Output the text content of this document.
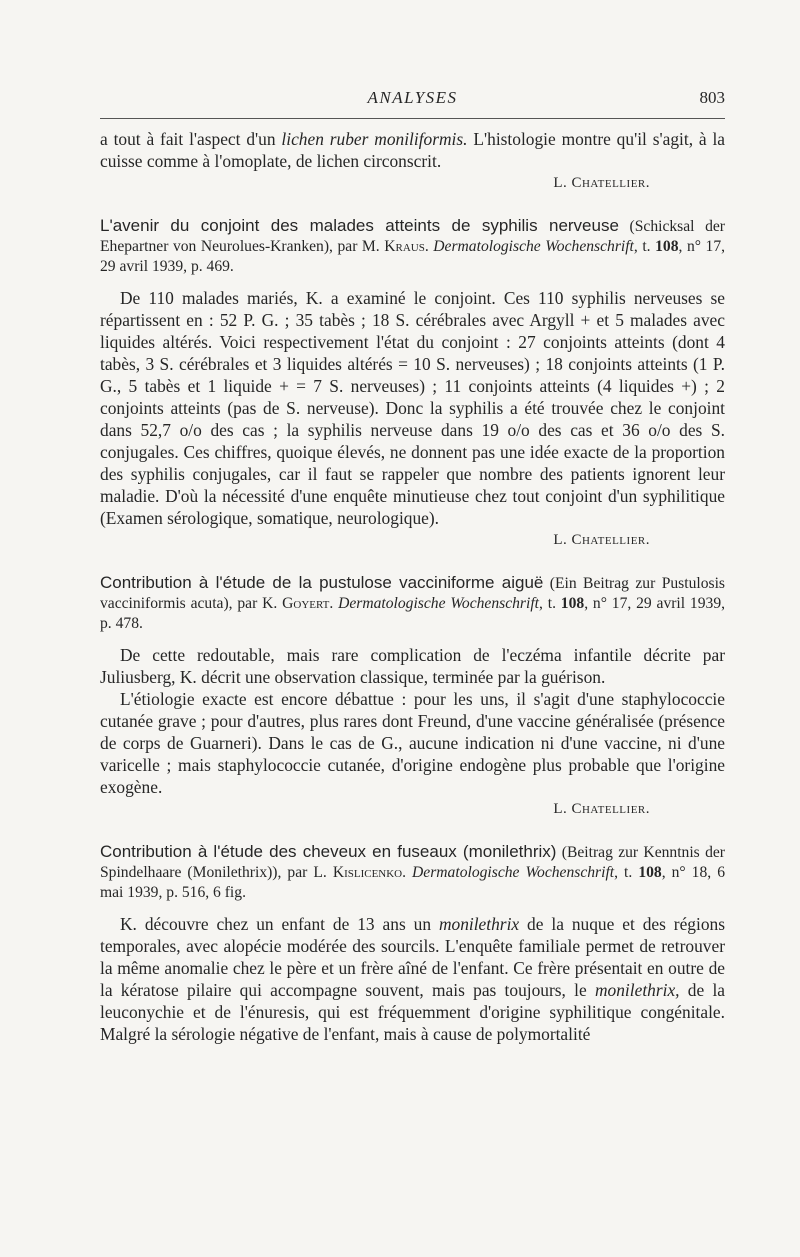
ANALYSES	803

a tout à fait l'aspect d'un lichen ruber moniliformis. L'histologie montre qu'il s'agit, à la cuisse comme à l'omoplate, de lichen circonscrit.

L. Chatellier.
L'avenir du conjoint des malades atteints de syphilis nerveuse (Schicksal der Ehepartner von Neurolues-Kranken), par M. Kraus. Dermatologische Wochenschrift, t. 108, n° 17, 29 avril 1939, p. 469.

De 110 malades mariés, K. a examiné le conjoint. Ces 110 syphilis nerveuses se répartissent en : 52 P. G. ; 35 tabès ; 18 S. cérébrales avec Argyll + et 5 malades avec liquides altérés. Voici respectivement l'état du conjoint : 27 conjoints atteints (dont 4 tabès, 3 S. cérébrales et 3 liquides altérés = 10 S. nerveuses) ; 18 conjoints atteints (1 P. G., 5 tabès et 1 liquide + = 7 S. nerveuses) ; 11 conjoints atteints (4 liquides +) ; 2 conjoints atteints (pas de S. nerveuse). Donc la syphilis a été trouvée chez le conjoint dans 52,7 o/o des cas ; la syphilis nerveuse dans 19 o/o des cas et 36 o/o des S. conjugales. Ces chiffres, quoique élevés, ne donnent pas une idée exacte de la proportion des syphilis conjugales, car il faut se rappeler que nombre des patients ignorent leur maladie. D'où la nécessité d'une enquête minutieuse chez tout conjoint d'un syphilitique (Examen sérologique, somatique, neurologique).

L. Chatellier.
Contribution à l'étude de la pustulose vacciniforme aiguë (Ein Beitrag zur Pustulosis vacciniformis acuta), par K. Goyert. Dermatologische Wochenschrift, t. 108, n° 17, 29 avril 1939, p. 478.

De cette redoutable, mais rare complication de l'eczéma infantile décrite par Juliusberg, K. décrit une observation classique, terminée par la guérison.

L'étiologie exacte est encore débattue : pour les uns, il s'agit d'une staphylococcie cutanée grave ; pour d'autres, plus rares dont Freund, d'une vaccine généralisée (présence de corps de Guarneri). Dans le cas de G., aucune indication ni d'une vaccine, ni d'une varicelle ; mais staphylococcie cutanée, d'origine endogène plus probable que l'origine exogène.

L. Chatellier.
Contribution à l'étude des cheveux en fuseaux (monilethrix) (Beitrag zur Kenntnis der Spindelhaare (Monilethrix)), par L. Kislicenko. Dermatologische Wochenschrift, t. 108, n° 18, 6 mai 1939, p. 516, 6 fig.

K. découvre chez un enfant de 13 ans un monilethrix de la nuque et des régions temporales, avec alopécie modérée des sourcils. L'enquête familiale permet de retrouver la même anomalie chez le père et un frère aîné de l'enfant. Ce frère présentait en outre de la kératose pilaire qui accompagne souvent, mais pas toujours, le monilethrix, de la leuconychie et de l'énuresis, qui est fréquemment d'origine syphilitique congénitale. Malgré la sérologie négative de l'enfant, mais à cause de polymortalité
